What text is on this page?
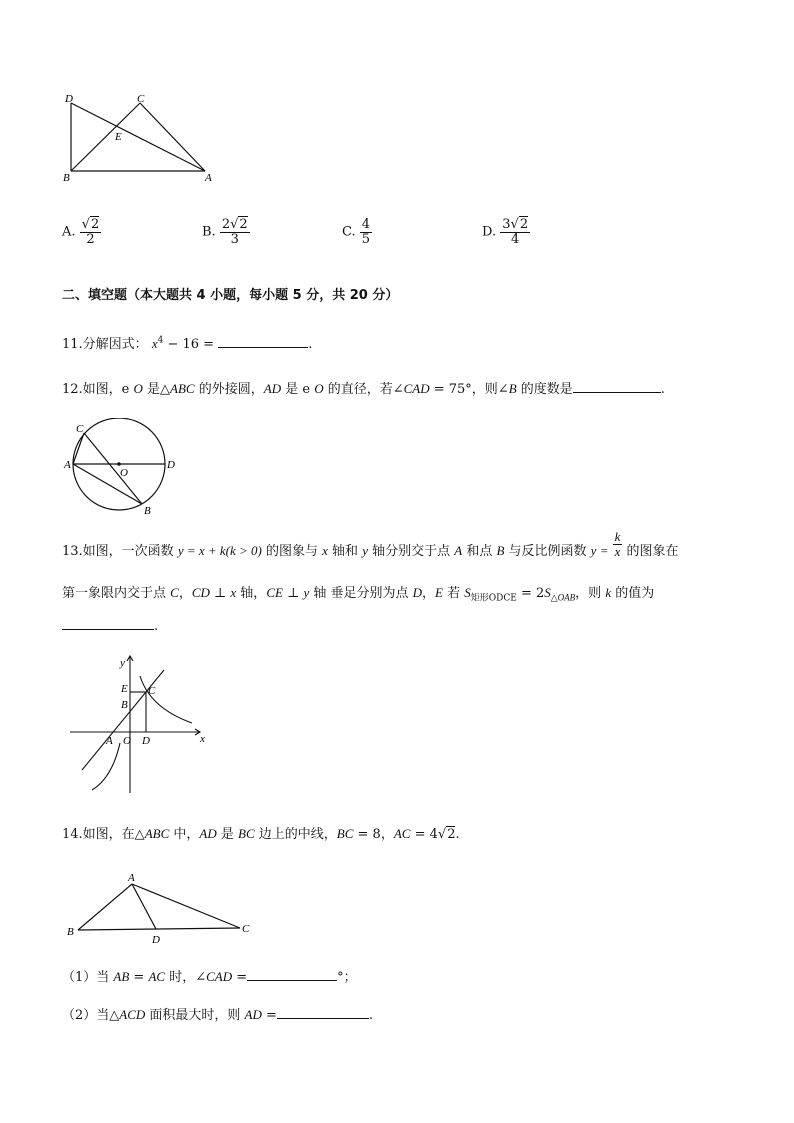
D	C
E
B	A
A. $\frac{√2}{2}$	B. $\frac{2√2}{3}$	C. $\frac{4}{5}$	D. $\frac{3√2}{4}$
二、填空题（本大题共 4 小题，每小题 5 分，共 20 分）
11.分解因式： $x^4 - 16$ =	.
12.如图，e O 是△ABC 的外接圆，AD 是 e O 的直径，若∠CAD = 75°，则∠B 的度数是	.
C
A
O
D
B
13.如图，一次函数 y = x + k(k > 0) 的图象与 x 轴和 y 轴分别交于点 A 和点 B 与反比例函数 $y = \frac{k}{x}$ 的图象在
第一象限内交于点 C，CD ⊥ x 轴，CE ⊥ y 轴 垂足分别为点 D，E 若 $S_{矩形ODCE} = 2S_{\triangle OAB}$，则 k 的值为
.
y
x
E
B
C
A O D
14.如图，在△ABC 中，AD 是 BC 边上的中线，BC = 8，AC = 4√2.
A
B
D
C
（1）当 AB = AC 时，∠CAD =	°；
（2）当△ACD 面积最大时，则 AD =	.
